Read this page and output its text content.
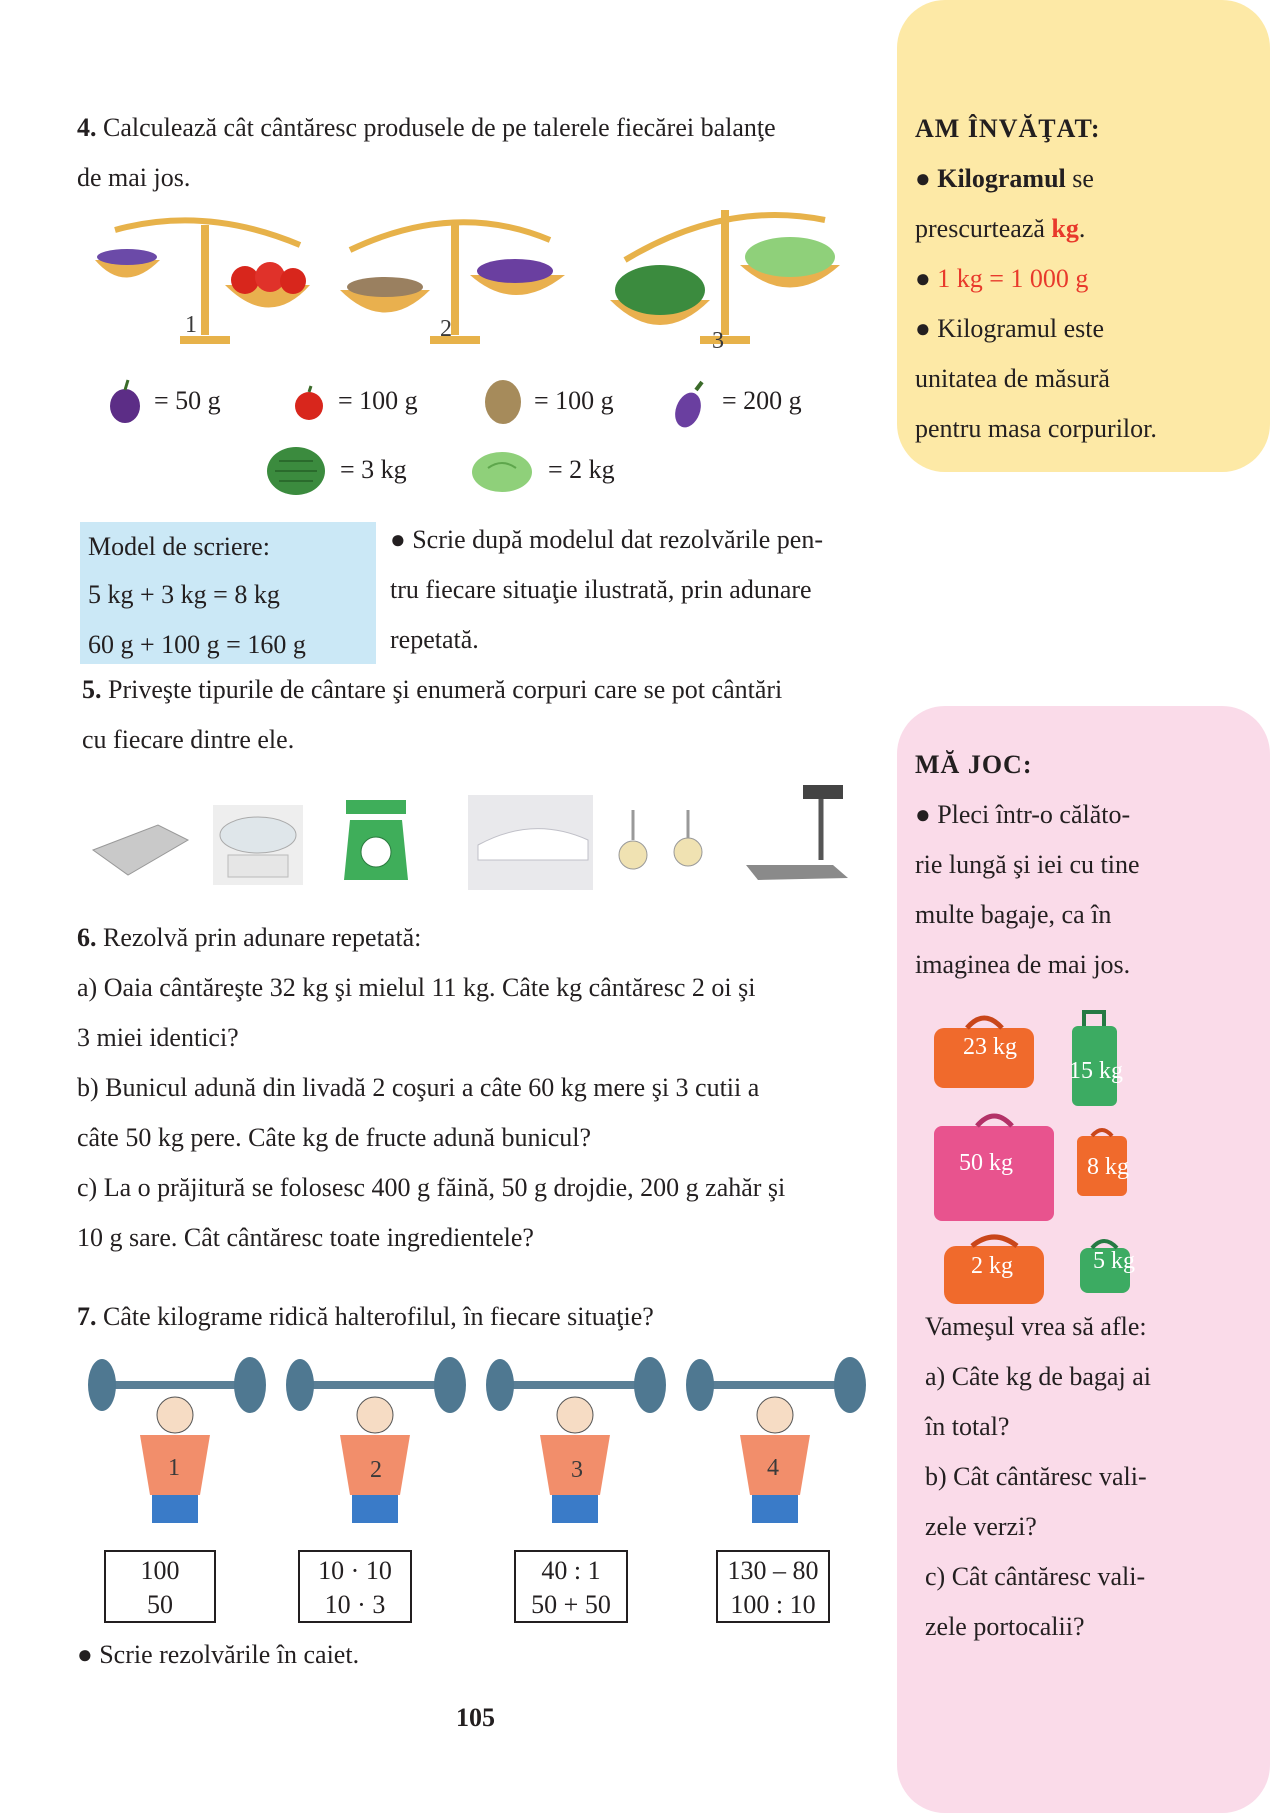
4. Calculează cât cântăresc produsele de pe talerele fiecărei balanţe
de mai jos.
1	2	3
= 50 g	= 100 g	= 100 g	= 200 g
= 3 kg	= 2 kg
Model de scriere:
5 kg + 3 kg = 8 kg
60 g + 100 g = 160 g
● Scrie după modelul dat rezolvările pen-
tru fiecare situaţie ilustrată, prin adunare
repetată.
5. Priveşte tipurile de cântare şi enumeră corpuri care se pot cântări
cu fiecare dintre ele.
6. Rezolvă prin adunare repetată:
a) Oaia cântăreşte 32 kg şi mielul 11 kg. Câte kg cântăresc 2 oi şi
3 miei identici?
b) Bunicul adună din livadă 2 coşuri a câte 60 kg mere şi 3 cutii a
câte 50 kg pere. Câte kg de fructe adună bunicul?
c) La o prăjitură se folosesc 400 g făină, 50 g drojdie, 200 g zahăr şi
10 g sare. Cât cântăresc toate ingredientele?
7. Câte kilograme ridică halterofilul, în fiecare situaţie?
1	2	3	4
100
50
10 · 10
10 · 3
40 : 1
50 + 50
130 – 80
100 : 10
● Scrie rezolvările în caiet.
105
AM ÎNVĂŢAT:
● Kilogramul se
prescurtează kg.
● 1 kg = 1 000 g
● Kilogramul este
unitatea de măsură
pentru masa corpurilor.
MĂ JOC:
● Pleci într-o călăto-
rie lungă şi iei cu tine
multe bagaje, ca în
imaginea de mai jos.
23 kg
15 kg
50 kg	8 kg
2 kg	5 kg
Vameşul vrea să afle:
a) Câte kg de bagaj ai
în total?
b) Cât cântăresc vali-
zele verzi?
c) Cât cântăresc vali-
zele portocalii?
